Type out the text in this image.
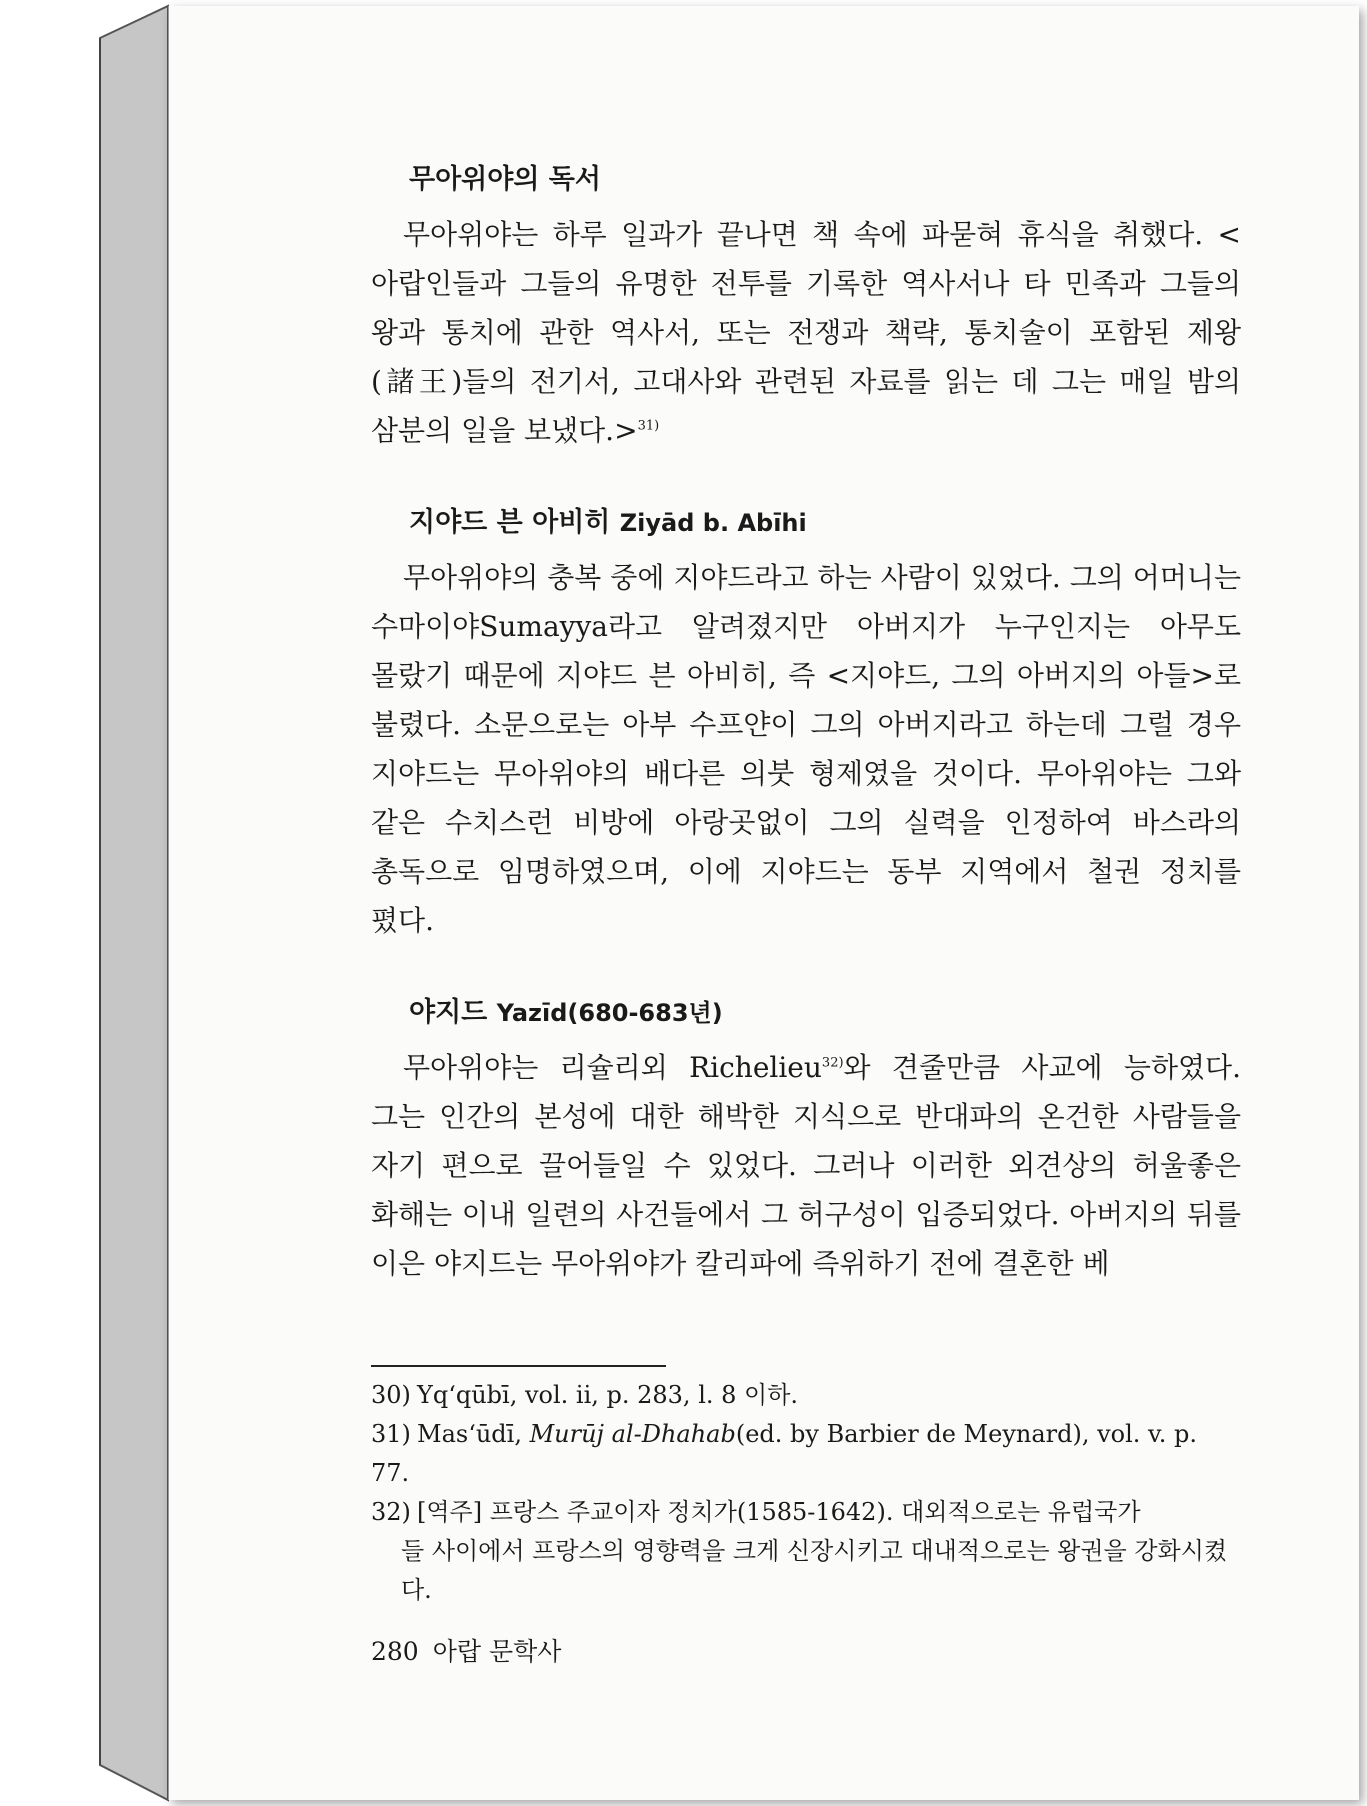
무아위야의 독서

무아위야는 하루 일과가 끝나면 책 속에 파묻혀 휴식을 취했다. <아랍인들과 그들의 유명한 전투를 기록한 역사서나 타 민족과 그들의 왕과 통치에 관한 역사서, 또는 전쟁과 책략, 통치술이 포함된 제왕(諸王)들의 전기서, 고대사와 관련된 자료를 읽는 데 그는 매일 밤의 삼분의 일을 보냈다.>$^{31)}$

지야드 븐 아비히 Ziyād b. Abīhi

무아위야의 충복 중에 지야드라고 하는 사람이 있었다. 그의 어머니는 수마이야Sumayya라고 알려졌지만 아버지가 누구인지는 아무도 몰랐기 때문에 지야드 븐 아비히, 즉 <지야드, 그의 아버지의 아들>로 불렸다. 소문으로는 아부 수프얀이 그의 아버지라고 하는데 그럴 경우 지야드는 무아위야의 배다른 의붓 형제였을 것이다. 무아위야는 그와 같은 수치스런 비방에 아랑곳없이 그의 실력을 인정하여 바스라의 총독으로 임명하였으며, 이에 지야드는 동부 지역에서 철권 정치를 폈다.

야지드 Yazīd(680-683년)

무아위야는 리슐리외 Richelieu$^{32)}$와 견줄만큼 사교에 능하였다. 그는 인간의 본성에 대한 해박한 지식으로 반대파의 온건한 사람들을 자기 편으로 끌어들일 수 있었다. 그러나 이러한 외견상의 허울좋은 화해는 이내 일련의 사건들에서 그 허구성이 입증되었다. 아버지의 뒤를 이은 야지드는 무아위야가 칼리파에 즉위하기 전에 결혼한 베

30) Yq‘qūbī, vol. ii, p. 283, l. 8 이하.

31) Mas‘ūdī, Murūj al-Dhahab(ed. by Barbier de Meynard), vol. v. p. 77.

32) [역주] 프랑스 주교이자 정치가(1585-1642). 대외적으로는 유럽국가

들 사이에서 프랑스의 영향력을 크게 신장시키고 대내적으로는 왕권을 강화시켰다.

280 아랍 문학사
